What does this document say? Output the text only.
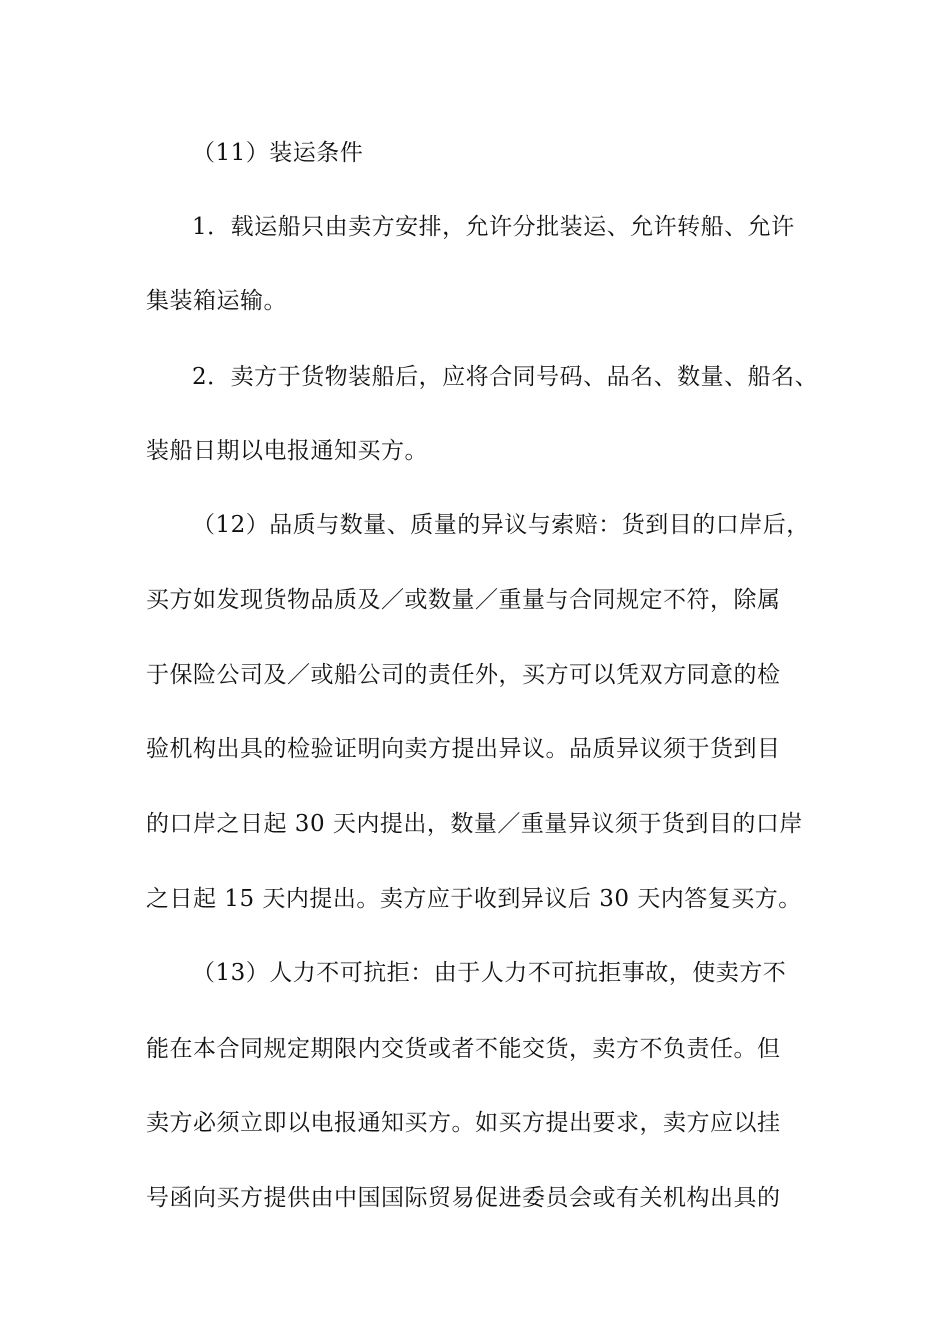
（11）装运条件
1．载运船只由卖方安排，允许分批装运、允许转船、允许
集装箱运输。
2．卖方于货物装船后，应将合同号码、品名、数量、船名、
装船日期以电报通知买方。
（12）品质与数量、质量的异议与索赔：货到目的口岸后，
买方如发现货物品质及／或数量／重量与合同规定不符，除属
于保险公司及／或船公司的责任外，买方可以凭双方同意的检
验机构出具的检验证明向卖方提出异议。品质异议须于货到目
的口岸之日起 30 天内提出，数量／重量异议须于货到目的口岸
之日起 15 天内提出。卖方应于收到异议后 30 天内答复买方。
（13）人力不可抗拒：由于人力不可抗拒事故，使卖方不
能在本合同规定期限内交货或者不能交货，卖方不负责任。但
卖方必须立即以电报通知买方。如买方提出要求，卖方应以挂
号函向买方提供由中国国际贸易促进委员会或有关机构出具的
